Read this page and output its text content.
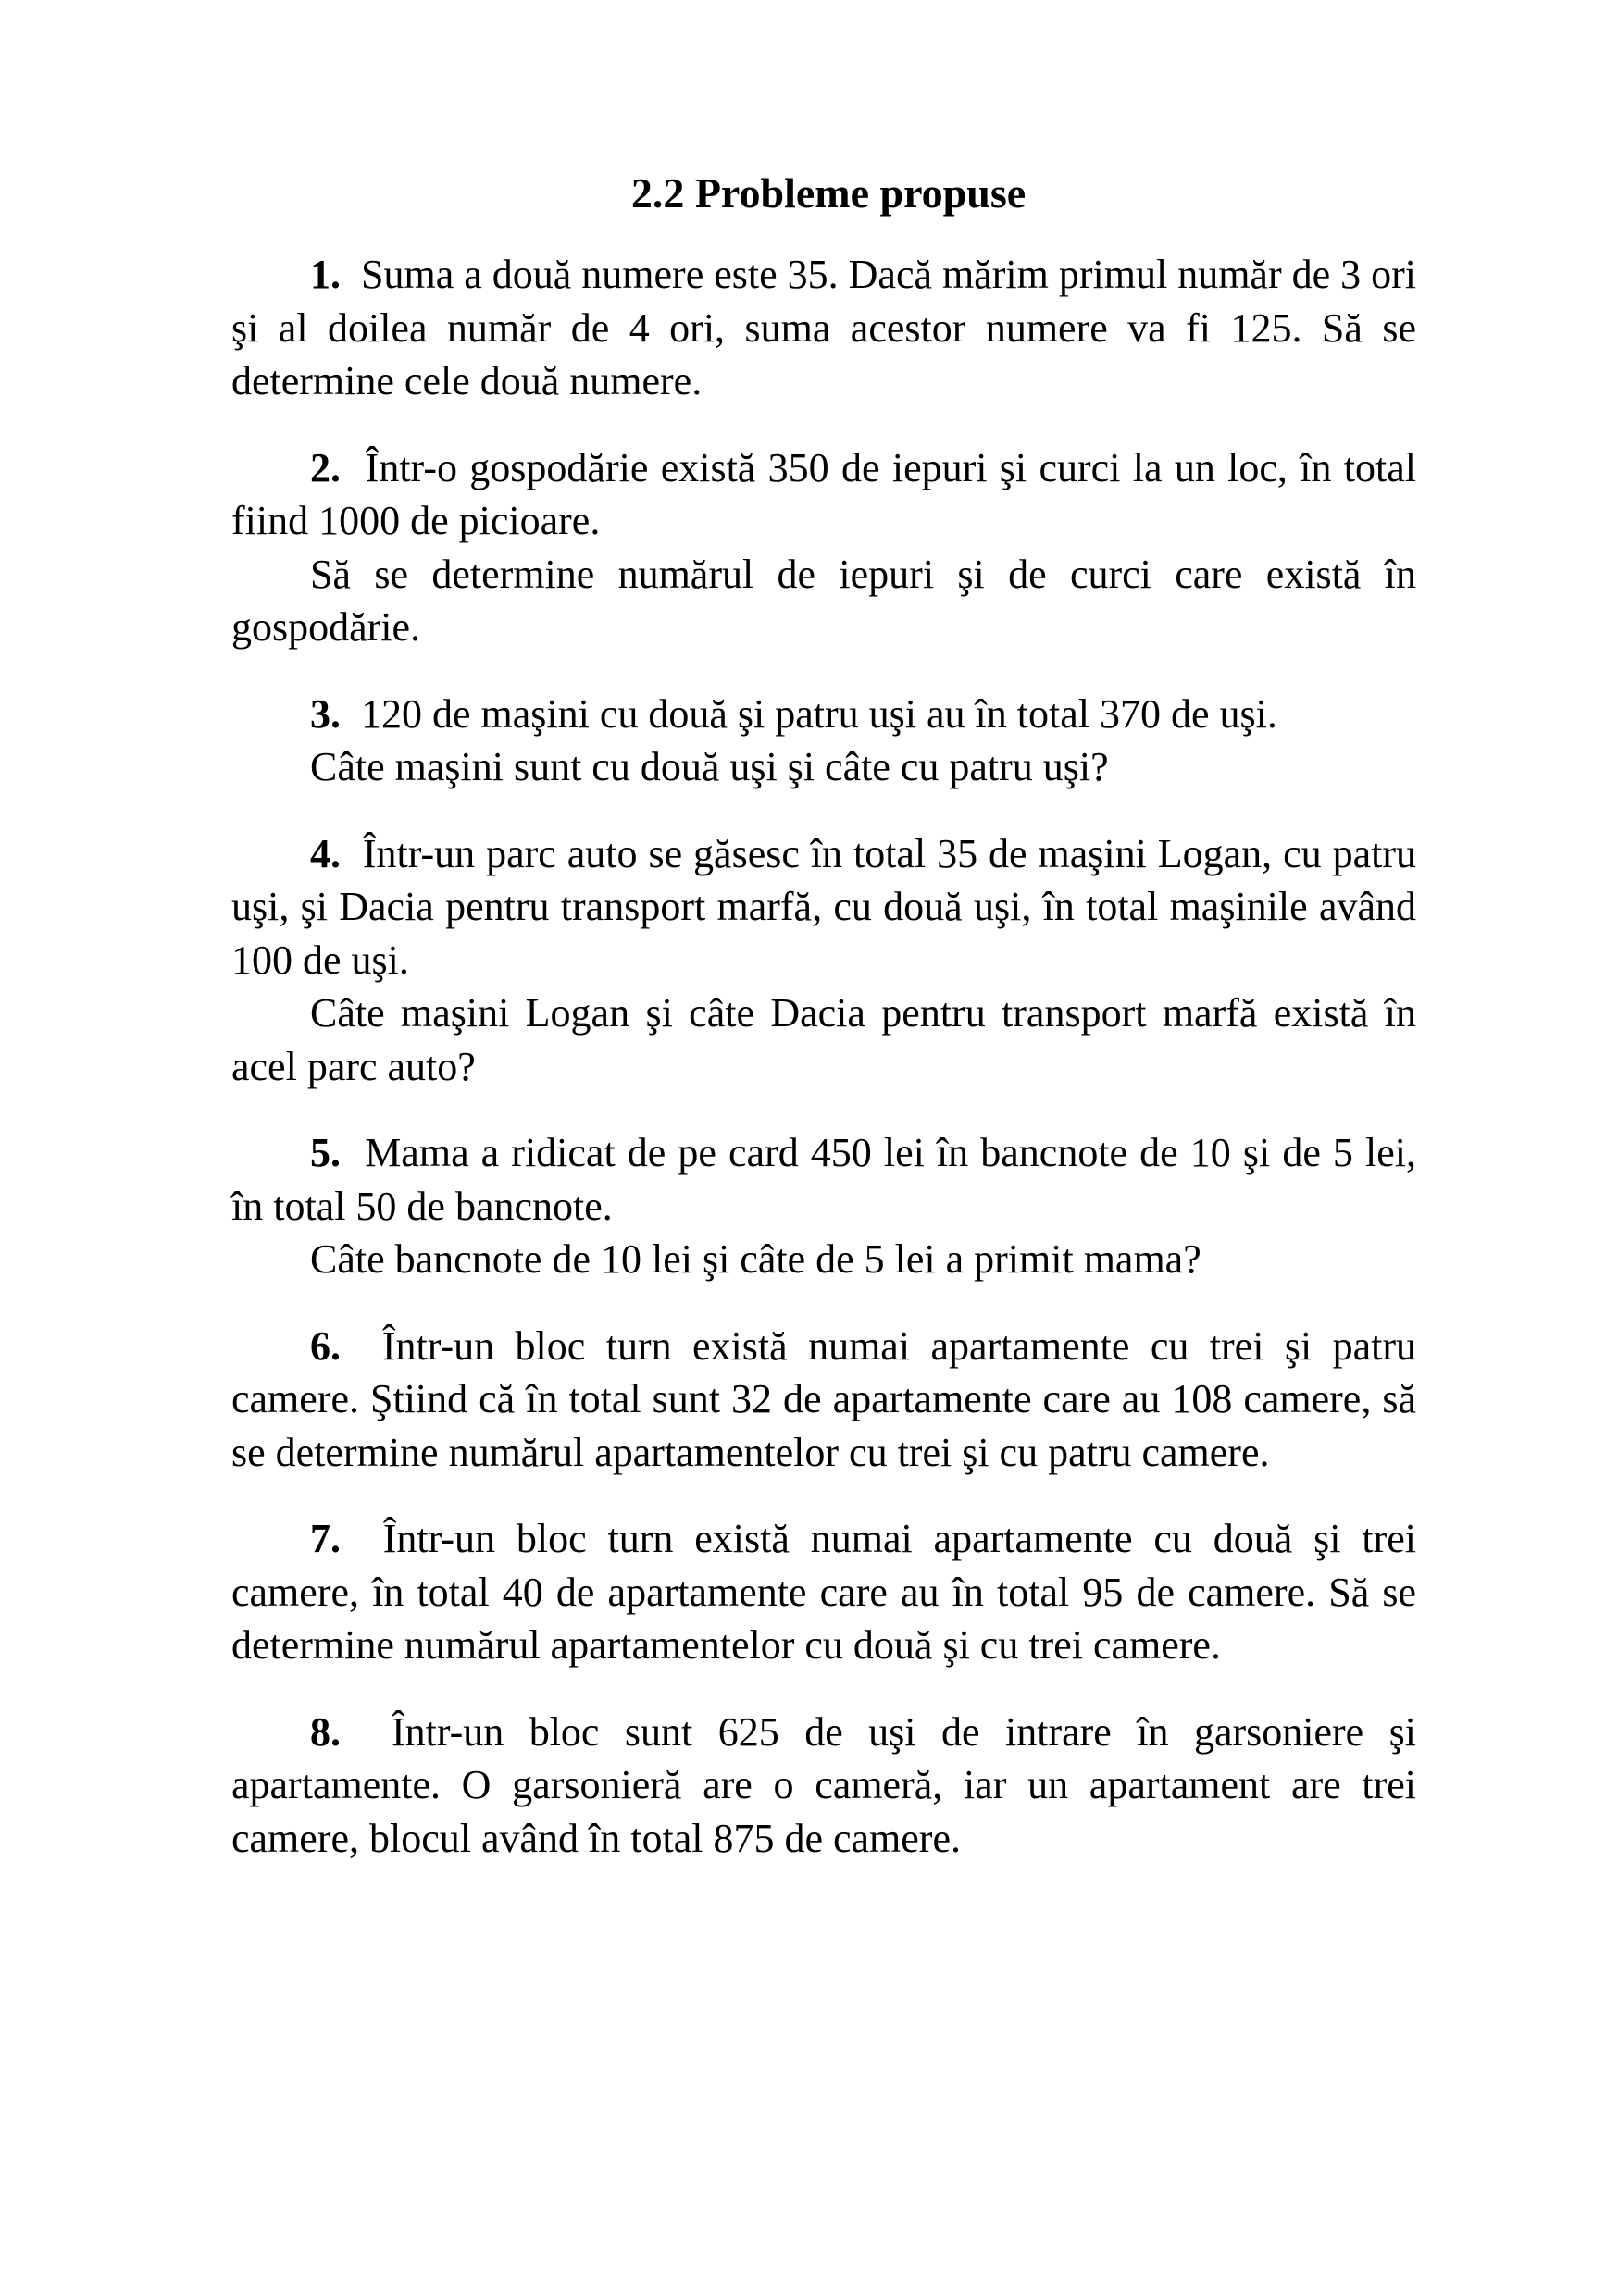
2.2 Probleme propuse

1. Suma a două numere este 35. Dacă mărim primul număr de 3 ori şi al doilea număr de 4 ori, suma acestor numere va fi 125. Să se determine cele două numere.

2. Într-o gospodărie există 350 de iepuri şi curci la un loc, în total fiind 1000 de picioare.

Să se determine numărul de iepuri şi de curci care există în gospodărie.

3. 120 de maşini cu două şi patru uşi au în total 370 de uşi.

Câte maşini sunt cu două uşi şi câte cu patru uşi?

4.  Într-un parc auto se găsesc în total 35 de maşini Logan, cu patru uşi, şi Dacia pentru transport marfă, cu două uşi, în total maşinile având 100 de uşi.

Câte maşini Logan şi câte Dacia pentru transport marfă există în acel parc auto?

5. Mama a ridicat de pe card 450 lei în bancnote de 10 şi de 5 lei, în total 50 de bancnote.

Câte bancnote de 10 lei şi câte de 5 lei a primit mama?

6.  Într-un bloc turn există numai apartamente cu trei şi patru camere. Ştiind că în total sunt 32 de apartamente care au 108 camere, să se determine numărul apartamentelor cu trei şi cu patru camere.

7. Într-un bloc turn există numai apartamente cu două şi trei camere, în total 40 de apartamente care au în total 95 de camere. Să se determine numărul apartamentelor cu două şi cu trei camere.

8. Într-un bloc sunt 625 de uşi de intrare în garsoniere şi apartamente. O garsonieră are o cameră, iar un apartament are trei camere, blocul având în total 875 de camere.
